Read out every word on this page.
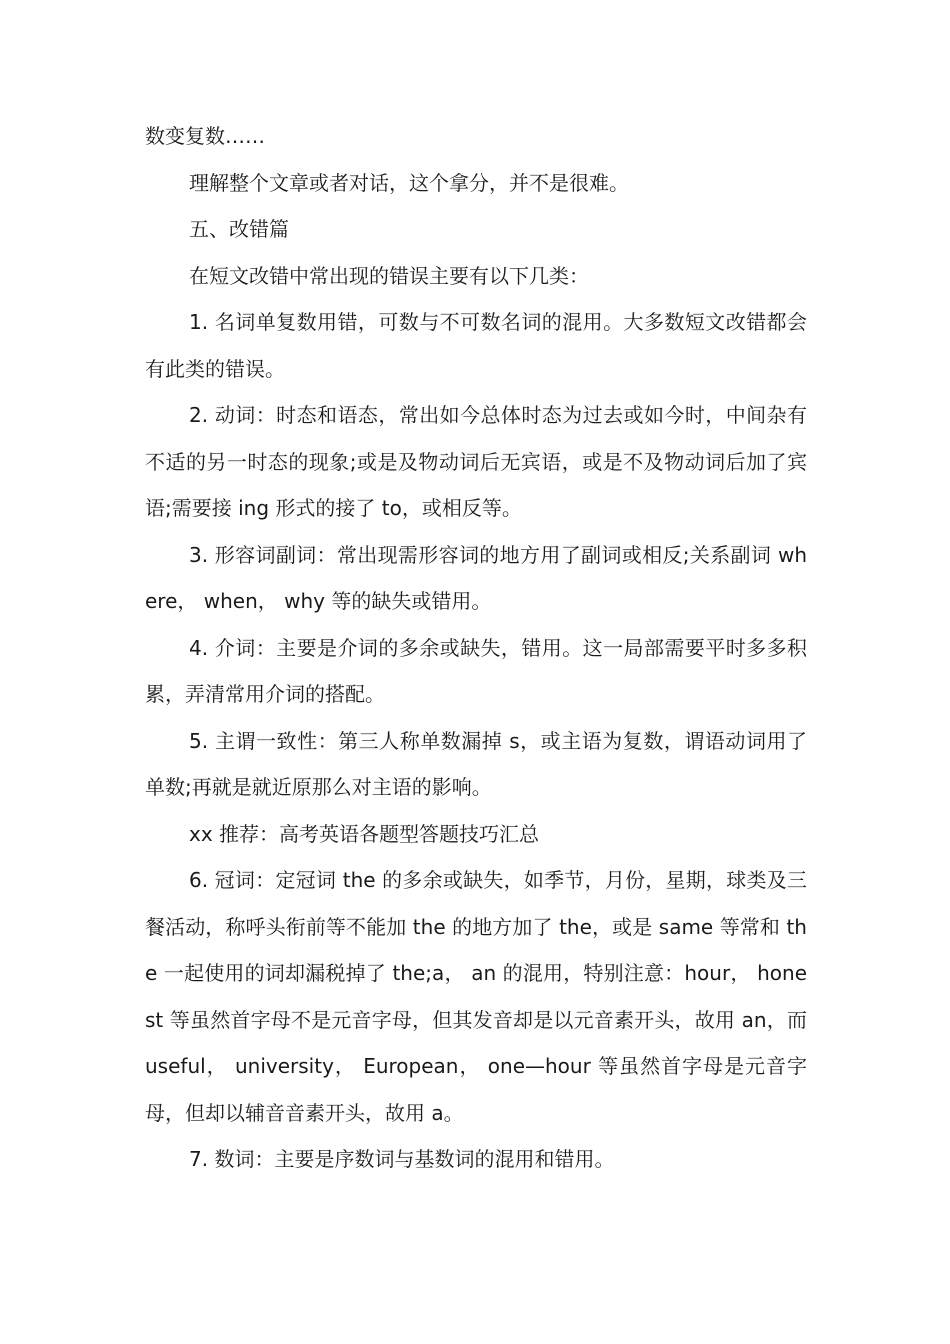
数变复数……

理解整个文章或者对话，这个拿分，并不是很难。

五、改错篇

在短文改错中常出现的错误主要有以下几类：

1. 名词单复数用错，可数与不可数名词的混用。大多数短文改错都会有此类的错误。

2. 动词：时态和语态，常出如今总体时态为过去或如今时，中间杂有不适的另一时态的现象;或是及物动词后无宾语，或是不及物动词后加了宾语;需要接 ing 形式的接了 to，或相反等。

3. 形容词副词：常出现需形容词的地方用了副词或相反;关系副词 where， when， why 等的缺失或错用。

4. 介词：主要是介词的多余或缺失，错用。这一局部需要平时多多积累，弄清常用介词的搭配。

5. 主谓一致性：第三人称单数漏掉 s，或主语为复数，谓语动词用了单数;再就是就近原那么对主语的影响。

xx 推荐：高考英语各题型答题技巧汇总

6. 冠词：定冠词 the 的多余或缺失，如季节，月份，星期，球类及三餐活动，称呼头衔前等不能加 the 的地方加了 the，或是 same 等常和 the 一起使用的词却漏税掉了 the;a， an 的混用，特别注意：hour， honest 等虽然首字母不是元音字母，但其发音却是以元音素开头，故用 an，而 useful， university， European， one—hour 等虽然首字母是元音字母，但却以辅音音素开头，故用 a。

7. 数词：主要是序数词与基数词的混用和错用。
